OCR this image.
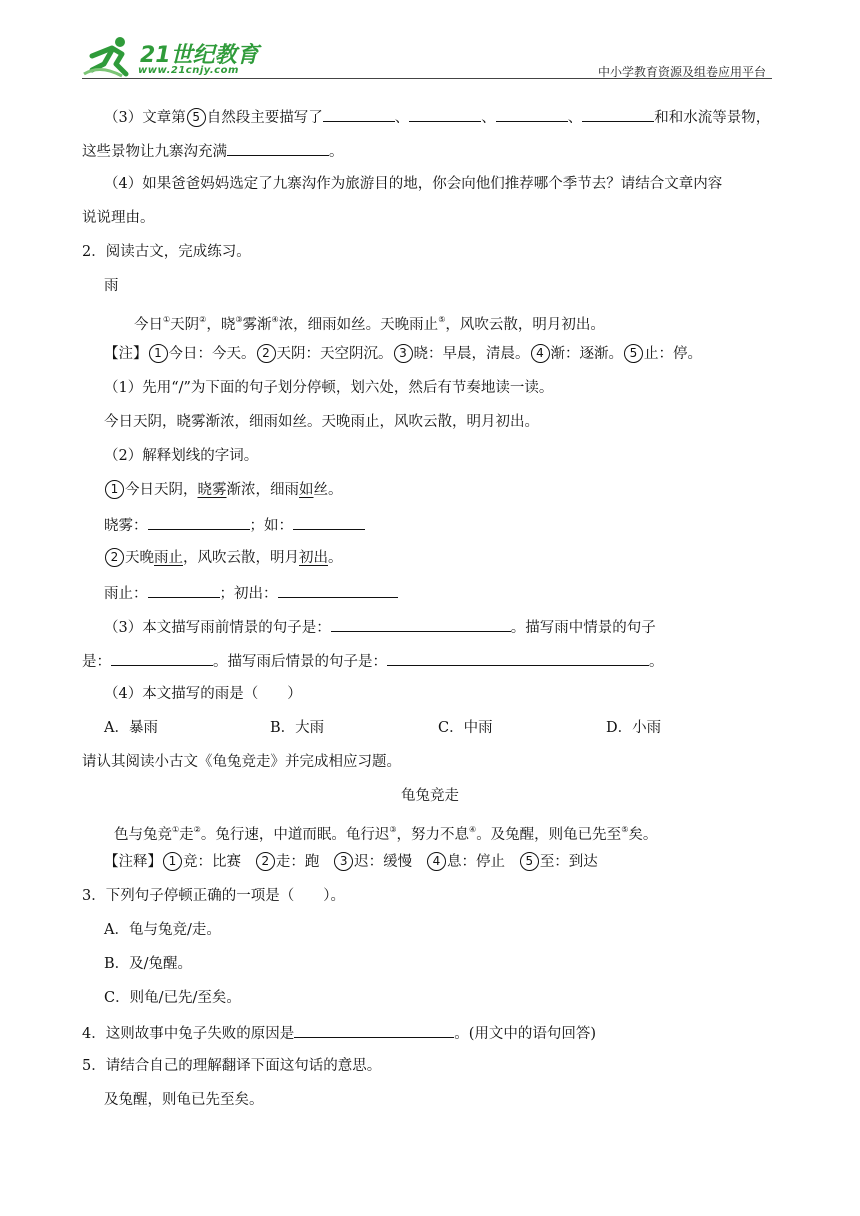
21世纪教育
www.21cnjy.com	中小学教育资源及组卷应用平台
（3）文章第 5 自然段主要描写了	、	、	、	和和水流等景物，
这些景物让九寨沟充满	。
（4）如果爸爸妈妈选定了九寨沟作为旅游目的地，你会向他们推荐哪个季节去？请结合文章内容
说说理由。
2．阅读古文，完成练习。
雨
今日①天阴②，晓③雾渐④浓，细雨如丝。天晚雨止⑤，风吹云散，明月初出。
【注】 1 今日：今天。 2 天阴：天空阴沉。 3 晓：早晨，清晨。 4 渐：逐渐。 5 止：停。
（1）先用“/”为下面的句子划分停顿，划六处，然后有节奏地读一读。
今日天阴，晓雾渐浓，细雨如丝。天晚雨止，风吹云散，明月初出。
（2）解释划线的字词。
1 今日天阴，晓雾渐浓，细雨如丝。
晓雾：	；如：
2 天晚雨止，风吹云散，明月初出。
雨止：	；初出：
（3）本文描写雨前情景的句子是：	。描写雨中情景的句子
是：	。描写雨后情景的句子是：	。
（4）本文描写的雨是（　　）
A．暴雨	B．大雨	C．中雨	D．小雨
请认其阅读小古文《龟兔竞走》并完成相应习题。
龟兔竞走
色与兔竞①走②。兔行速，中道而眠。龟行迟③，努力不息④。及兔醒，则龟已先至⑤矣。
【注释】 1 竞：比赛 2 走：跑 3 迟：缓慢 4 息：停止 5 至：到达
3．下列句子停顿正确的一项是（　　）。
A．龟与兔竞/走。
B．及/兔醒。
C．则龟/已先/至矣。
4．这则故事中兔子失败的原因是	。(用文中的语句回答)
5．请结合自己的理解翻译下面这句话的意思。
及兔醒，则龟已先至矣。
